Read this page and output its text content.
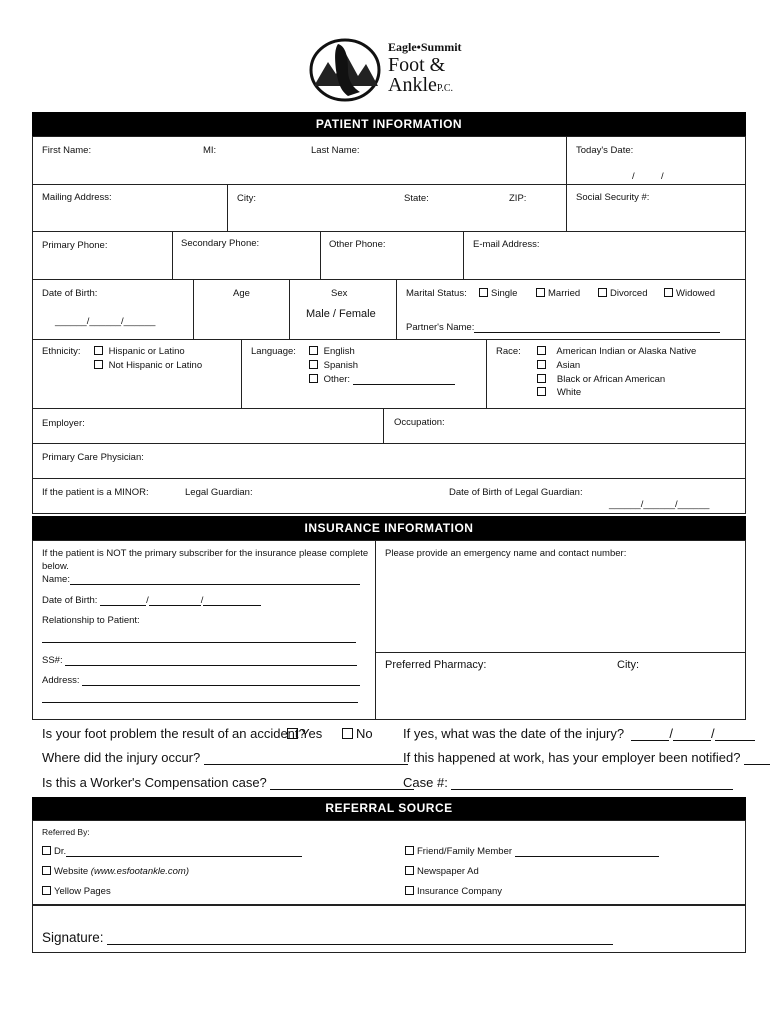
Eagle•Summit
Foot &
AnkleP.C.
PATIENT INFORMATION
First Name:	MI:	Last Name:	Today's Date:
/          /
Mailing Address:	City:	State:	ZIP:	Social Security #:
Primary Phone:	Secondary Phone:	Other Phone:	E-mail Address:
Date of Birth:
______/______/______
Age	Sex
Male / Female
Marital Status:	Single	Married	Divorced	Widowed
Partner's Name:
Ethnicity:	Hispanic or Latino
Not Hispanic or Latino
Language:	English
Spanish
Other:
Race:	American Indian or Alaska Native
Asian
Black or African American
White
Employer:	Occupation:
Primary Care Physician:
If the patient is a MINOR:	Legal Guardian:	Date of Birth of Legal Guardian:
______/______/______
INSURANCE INFORMATION
If the patient is NOT the primary subscriber for the insurance please complete
below.
Name:
Date of Birth:	/	/
Relationship to Patient:
SS#:
Address:
Please provide an emergency name and contact number:
Preferred Pharmacy:	City:
Is your foot problem the result of an accident?
Yes	No If yes, what was the date of the injury?	/	/
Where did the injury occur?	If this happened at work, has your employer been notified?
Is this a Worker's Compensation case?	Case #:
REFERRAL SOURCE
Referred By:
Dr.
Website (www.esfootankle.com)
Yellow Pages
Friend/Family Member
Newspaper Ad
Insurance Company
Signature:
